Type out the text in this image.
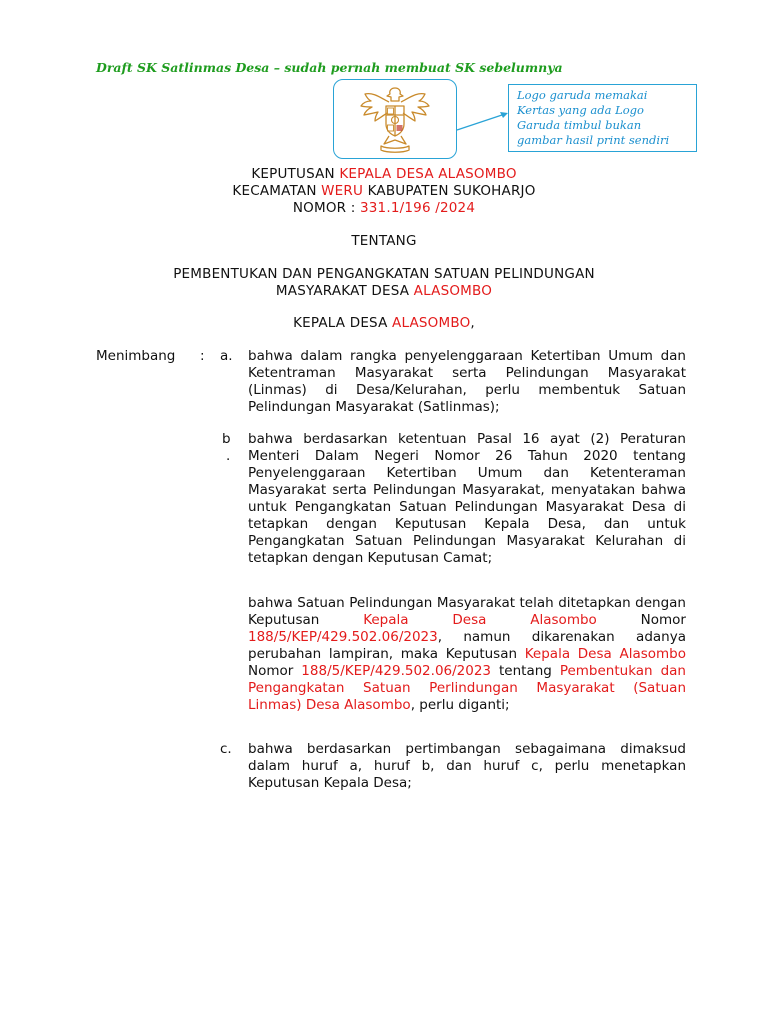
Draft SK Satlinmas Desa – sudah pernah membuat SK sebelumnya
Logo garuda memakai
Kertas yang ada Logo
Garuda timbul bukan
gambar hasil print sendiri
KEPUTUSAN KEPALA DESA ALASOMBO
KECAMATAN WERU KABUPATEN SUKOHARJO
NOMOR : 331.1/196 /2024
TENTANG
PEMBENTUKAN DAN PENGANGKATAN SATUAN PELINDUNGAN
MASYARAKAT DESA ALASOMBO
KEPALA DESA ALASOMBO,
Menimbang : a. bahwa dalam rangka penyelenggaraan Ketertiban Umum dan Ketentraman Masyarakat serta Pelindungan Masyarakat (Linmas) di Desa/Kelurahan, perlu membentuk Satuan Pelindungan Masyarakat (Satlinmas);
b
.
bahwa berdasarkan ketentuan Pasal 16 ayat (2) Peraturan Menteri Dalam Negeri Nomor 26 Tahun 2020 tentang Penyelenggaraan Ketertiban Umum dan Ketenteraman Masyarakat serta Pelindungan Masyarakat, menyatakan bahwa untuk Pengangkatan Satuan Pelindungan Masyarakat Desa di tetapkan dengan Keputusan Kepala Desa, dan untuk Pengangkatan Satuan Pelindungan Masyarakat Kelurahan di tetapkan dengan Keputusan Camat;
bahwa Satuan Pelindungan Masyarakat telah ditetapkan dengan Keputusan Kepala Desa Alasombo Nomor 188/5/KEP/429.502.06/2023, namun dikarenakan adanya perubahan lampiran, maka Keputusan Kepala Desa Alasombo Nomor 188/5/KEP/429.502.06/2023 tentang Pembentukan dan Pengangkatan Satuan Perlindungan Masyarakat (Satuan Linmas) Desa Alasombo, perlu diganti;
c. bahwa berdasarkan pertimbangan sebagaimana dimaksud dalam huruf a, huruf b, dan huruf c, perlu menetapkan Keputusan Kepala Desa;
